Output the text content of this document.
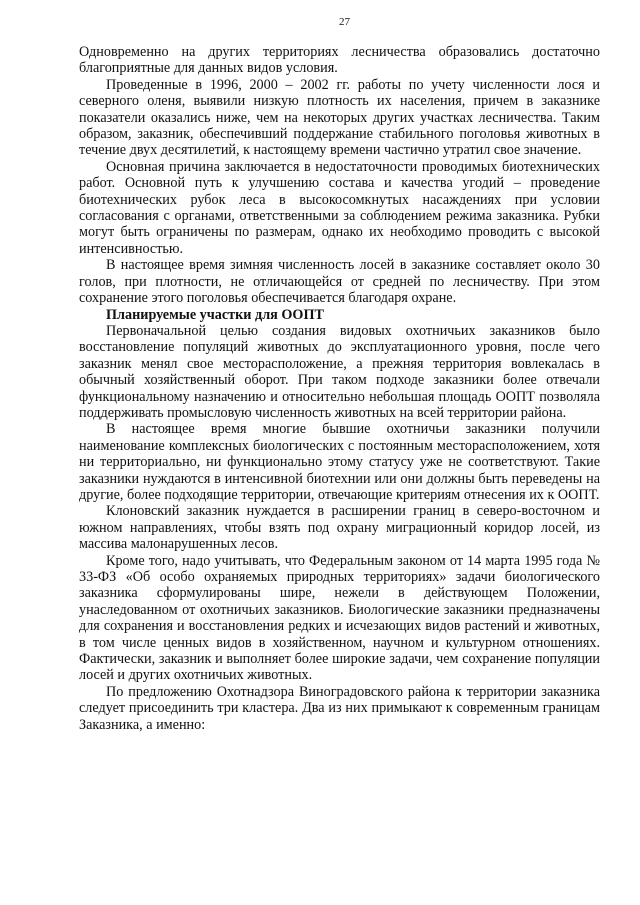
27

Одновременно на других территориях лесничества образовались достаточно благоприятные для данных видов условия.

Проведенные в 1996, 2000 – 2002 гг. работы по учету численности лося и северного оленя, выявили низкую плотность их населения, причем в заказнике показатели оказались ниже, чем на некоторых других участках лесничества. Таким образом, заказник, обеспечивший поддержание стабильного поголовья животных в течение двух десятилетий, к настоящему времени частично утратил свое значение.

Основная причина заключается в недостаточности проводимых биотехнических работ. Основной путь к улучшению состава и качества угодий – проведение биотехнических рубок леса в высокосомкнутых насаждениях при условии согласования с органами, ответственными за соблюдением режима заказника. Рубки могут быть ограничены по размерам, однако их необходимо проводить с высокой интенсивностью.

В настоящее время зимняя численность лосей в заказнике составляет около 30 голов, при плотности, не отличающейся от средней по лесничеству. При этом сохранение этого поголовья обеспечивается благодаря охране.

Планируемые участки для ООПТ

Первоначальной целью создания видовых охотничьих заказников было восстановление популяций животных до эксплуатационного уровня, после чего заказник менял свое месторасположение, а прежняя территория вовлекалась в обычный хозяйственный оборот. При таком подходе заказники более отвечали функциональному назначению и относительно небольшая площадь ООПТ позволяла поддерживать промысловую численность животных на всей территории района.

В настоящее время многие бывшие охотничьи заказники получили наименование комплексных биологических с постоянным месторасположением, хотя ни территориально, ни функционально этому статусу уже не соответствуют. Такие заказники нуждаются в интенсивной биотехнии или они должны быть переведены на другие, более подходящие территории, отвечающие критериям отнесения их к ООПТ.

Клоновский заказник нуждается в расширении границ в северо-восточном и южном направлениях, чтобы взять под охрану миграционный коридор лосей, из массива малонарушенных лесов.

Кроме того, надо учитывать, что Федеральным законом от 14 марта 1995 года № 33-ФЗ «Об особо охраняемых природных территориях» задачи биологического заказника сформулированы шире, нежели в действующем Положении, унаследованном от охотничьих заказников. Биологические заказники предназначены для сохранения и восстановления редких и исчезающих видов растений и животных, в том числе ценных видов в хозяйственном, научном и культурном отношениях. Фактически, заказник и выполняет более широкие задачи, чем сохранение популяции лосей и других охотничьих животных.

По предложению Охотнадзора Виноградовского района к территории заказника следует присоединить три кластера. Два из них примыкают к современным границам Заказника, а именно:
